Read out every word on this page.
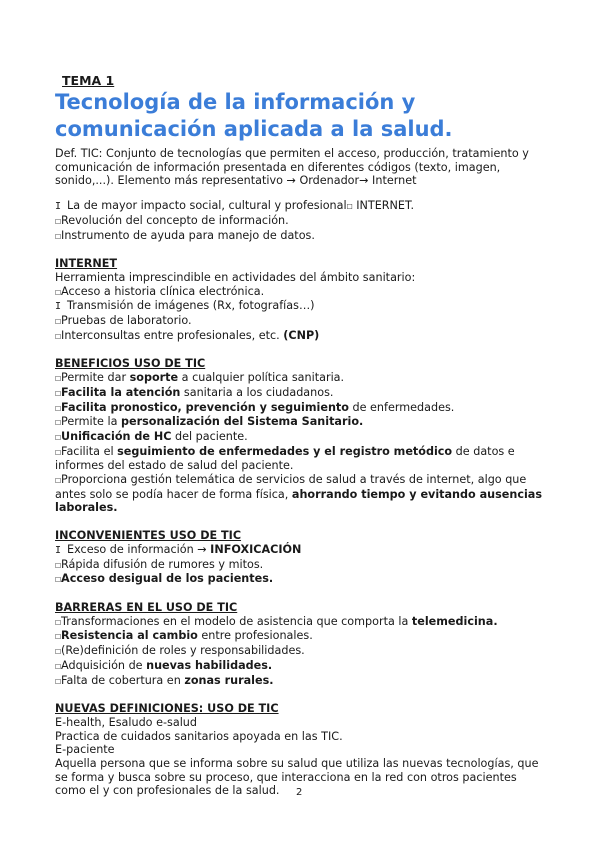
TEMA 1
Tecnología de la información y comunicación aplicada a la salud.

Def. TIC: Conjunto de tecnologías que permiten el acceso, producción, tratamiento y comunicación de información presentada en diferentes códigos (texto, imagen, sonido,...). Elemento más representativo → Ordenador→ Internet

I La de mayor impacto social, cultural y profesional☐ INTERNET.

☐Revolución del concepto de información.

☐Instrumento de ayuda para manejo de datos.

INTERNET

Herramienta imprescindible en actividades del ámbito sanitario:

☐Acceso a historia clínica electrónica.

I Transmisión de imágenes (Rx, fotografías…)

☐Pruebas de laboratorio.

☐Interconsultas entre profesionales, etc. (CNP)

BENEFICIOS USO DE TIC

☐Permite dar soporte a cualquier política sanitaria.

☐Facilita la atención sanitaria a los ciudadanos.

☐Facilita pronostico, prevención y seguimiento de enfermedades.

☐Permite la personalización del Sistema Sanitario.

☐Unificación de HC del paciente.

☐Facilita el seguimiento de enfermedades y el registro metódico de datos e informes del estado de salud del paciente.

☐Proporciona gestión telemática de servicios de salud a través de internet, algo que antes solo se podía hacer de forma física, ahorrando tiempo y evitando ausencias laborales.

INCONVENIENTES USO DE TIC

I Exceso de información → INFOXICACIÓN

☐Rápida difusión de rumores y mitos.

☐Acceso desigual de los pacientes.

BARRERAS EN EL USO DE TIC

☐Transformaciones en el modelo de asistencia que comporta la telemedicina.

☐Resistencia al cambio entre profesionales.

☐(Re)definición de roles y responsabilidades.

☐Adquisición de nuevas habilidades.

☐Falta de cobertura en zonas rurales.

NUEVAS DEFINICIONES: USO DE TIC

E-health, Esaludo e-salud

Practica de cuidados sanitarios apoyada en las TIC.

E-paciente

Aquella persona que se informa sobre su salud que utiliza las nuevas tecnologías, que se forma y busca sobre su proceso, que interacciona en la red con otros pacientes como el y con profesionales de la salud.	2
